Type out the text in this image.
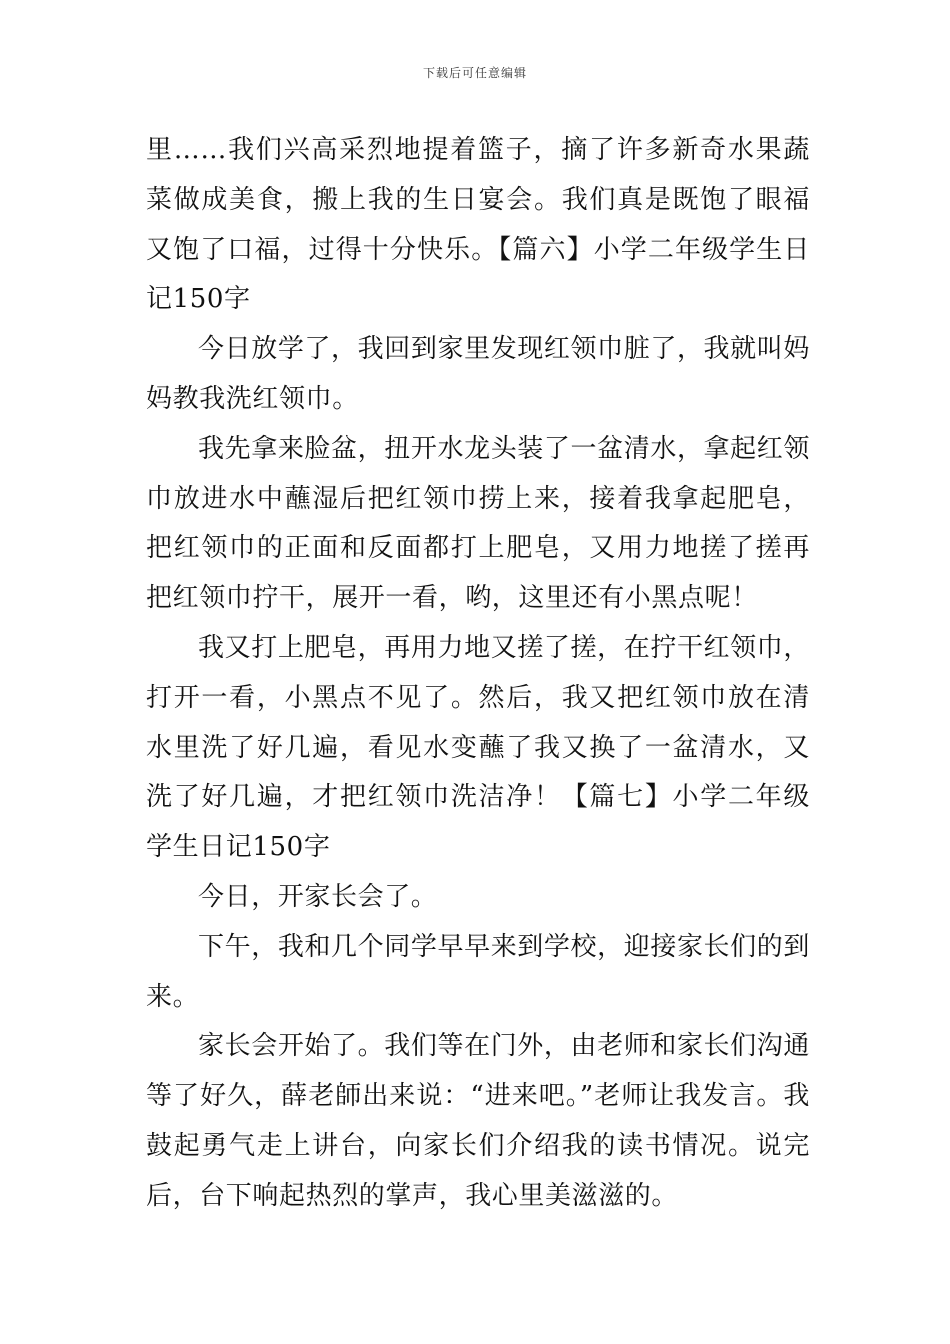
下载后可任意编辑

里……我们兴高采烈地提着篮子，摘了许多新奇水果蔬菜做成美食，搬上我的生日宴会。我们真是既饱了眼福又饱了口福，过得十分快乐。【篇六】小学二年级学生日记150字

今日放学了，我回到家里发现红领巾脏了，我就叫妈妈教我洗红领巾。

我先拿来脸盆，扭开水龙头装了一盆清水，拿起红领巾放进水中蘸湿后把红领巾捞上来，接着我拿起肥皂，把红领巾的正面和反面都打上肥皂，又用力地搓了搓再把红领巾拧干，展开一看，哟，这里还有小黑点呢！

我又打上肥皂，再用力地又搓了搓，在拧干红领巾，打开一看，小黑点不见了。然后，我又把红领巾放在清水里洗了好几遍，看见水变蘸了我又换了一盆清水，又洗了好几遍，才把红领巾洗洁净！【篇七】小学二年级学生日记150字

今日，开家长会了。

下午，我和几个同学早早来到学校，迎接家长们的到来。

家长会开始了。我们等在门外，由老师和家长们沟通等了好久，薛老師出来说：“进来吧。”老师让我发言。我鼓起勇气走上讲台，向家长们介绍我的读书情况。说完后，台下响起热烈的掌声，我心里美滋滋的。
